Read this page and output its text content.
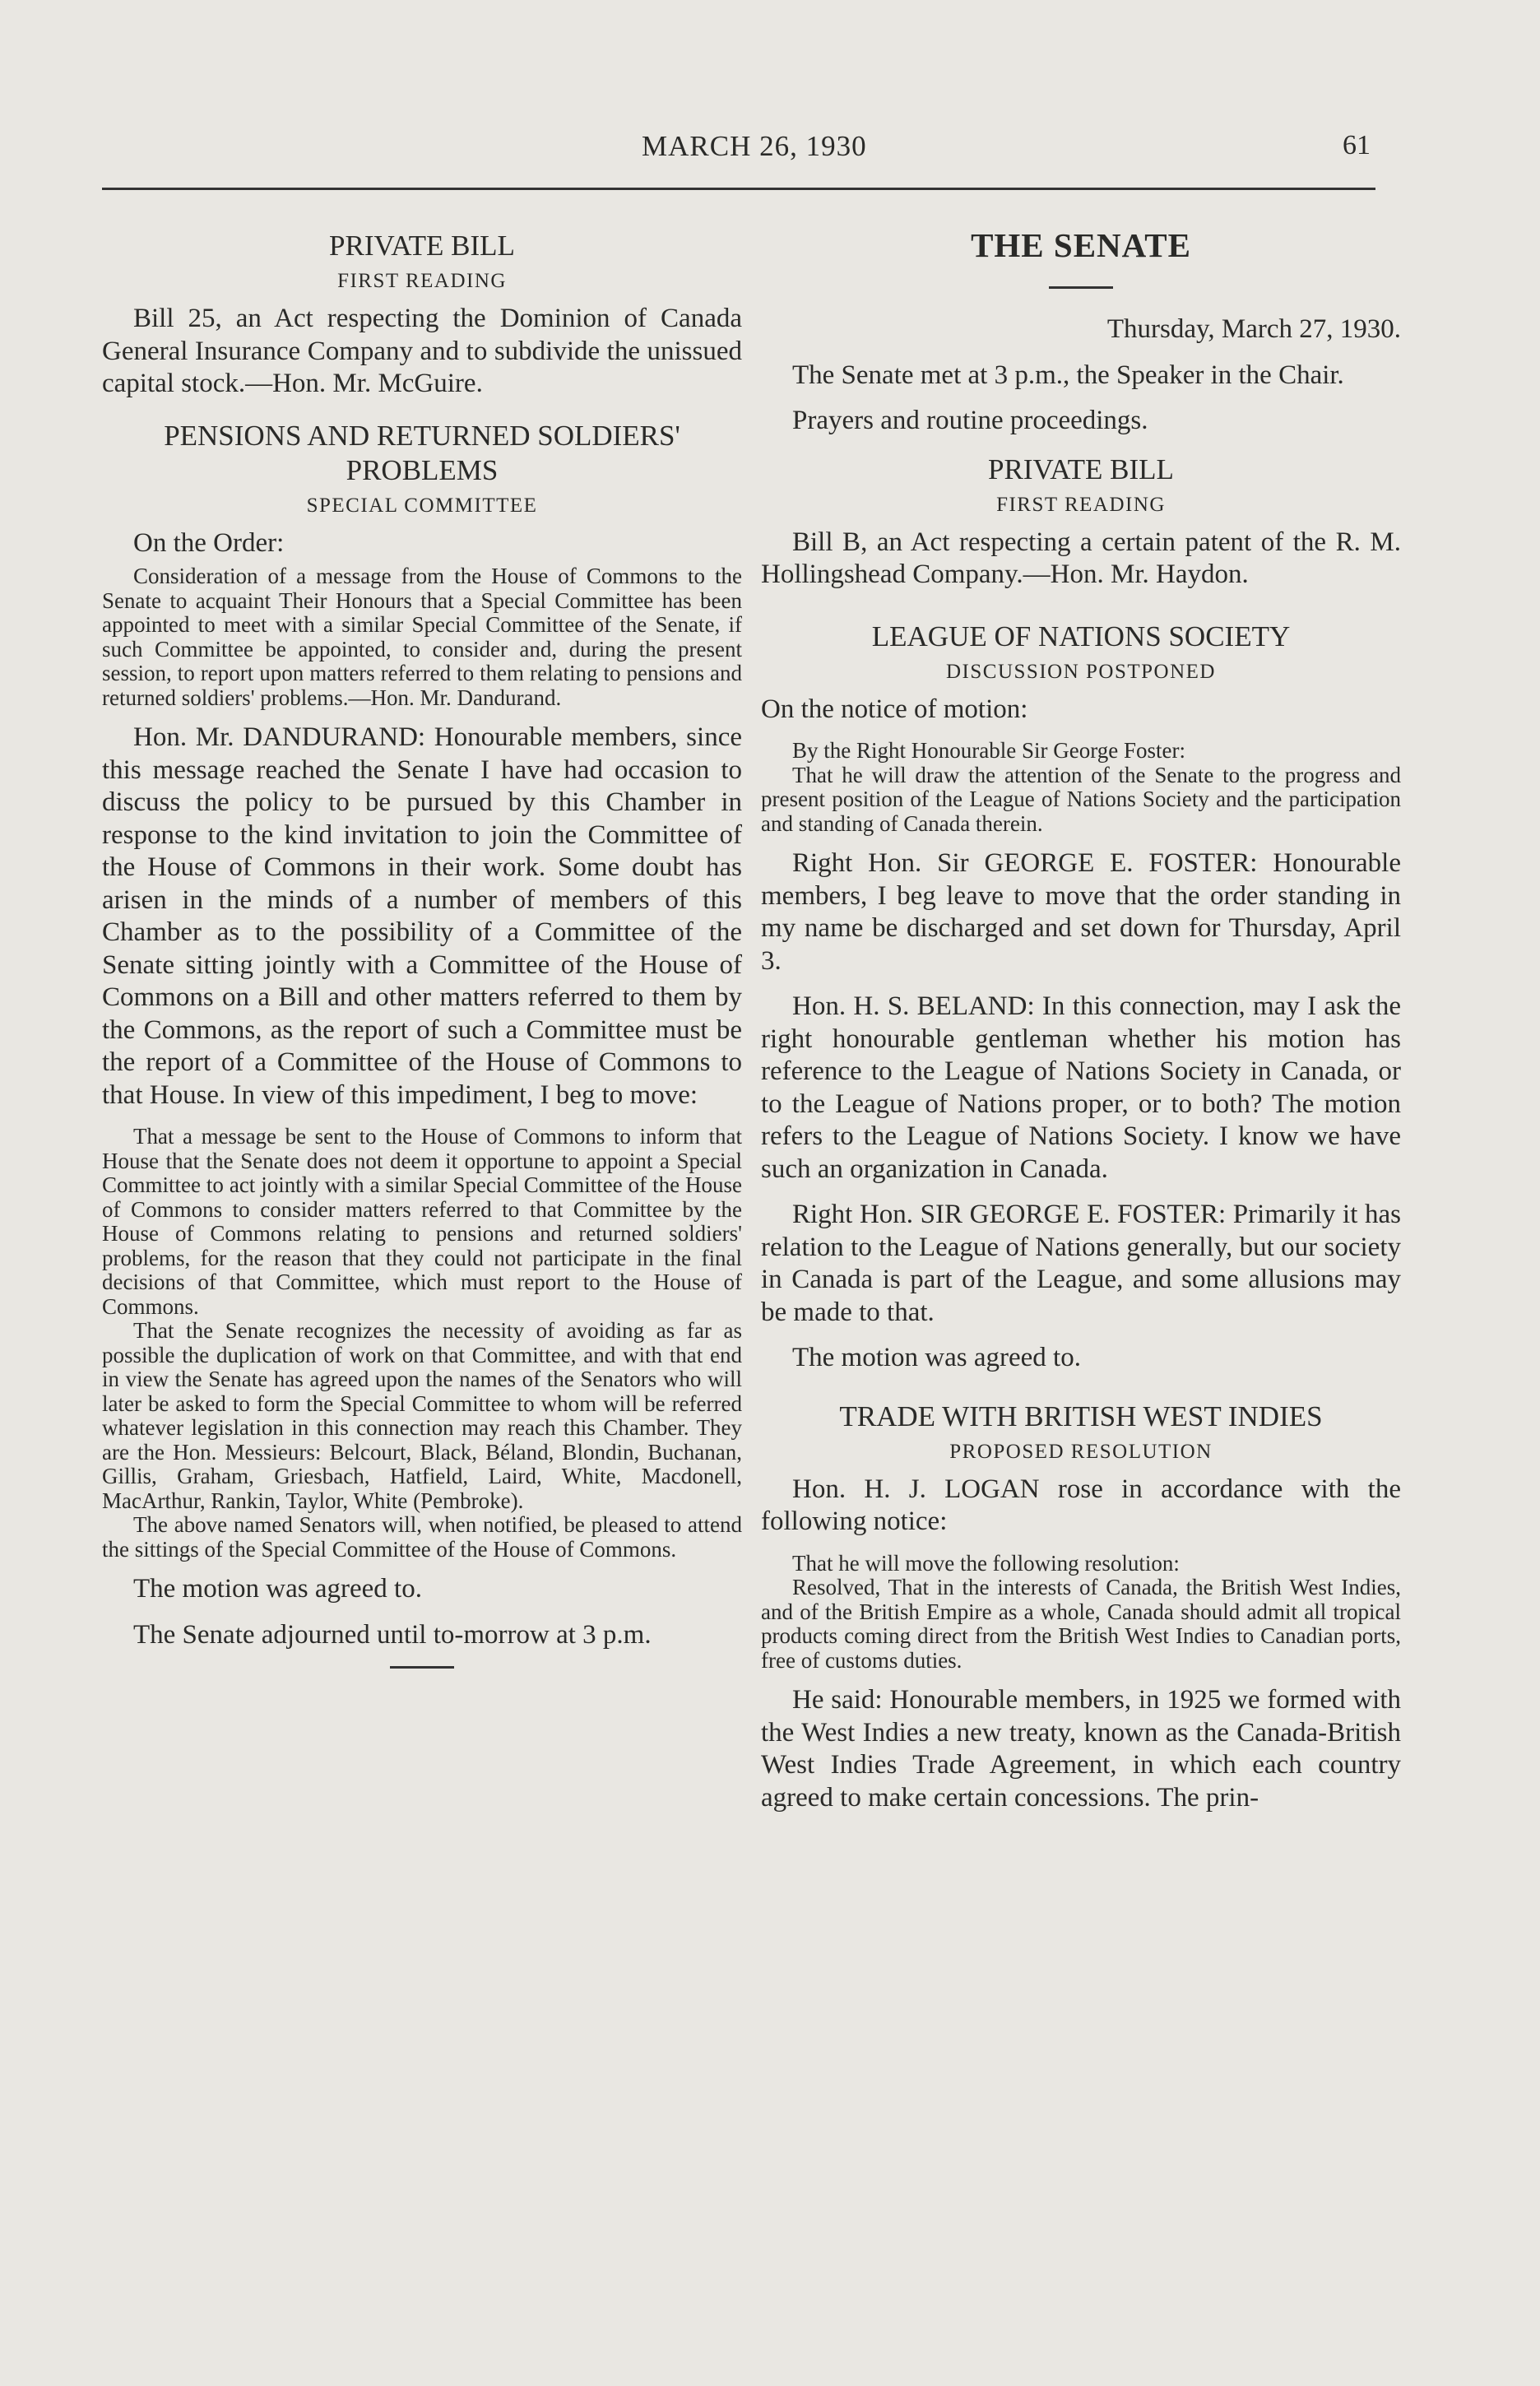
MARCH 26, 1930	61

PRIVATE BILL

FIRST READING

Bill 25, an Act respecting the Dominion of Canada General Insurance Company and to subdivide the unissued capital stock.—Hon. Mr. McGuire.

PENSIONS AND RETURNED SOLDIERS' PROBLEMS

SPECIAL COMMITTEE

On the Order:

Consideration of a message from the House of Commons to the Senate to acquaint Their Honours that a Special Committee has been appointed to meet with a similar Special Committee of the Senate, if such Committee be appointed, to consider and, during the present session, to report upon matters referred to them relating to pensions and returned soldiers' problems.—Hon. Mr. Dandurand.

Hon. Mr. DANDURAND: Honourable members, since this message reached the Senate I have had occasion to discuss the policy to be pursued by this Chamber in response to the kind invitation to join the Committee of the House of Commons in their work. Some doubt has arisen in the minds of a number of members of this Chamber as to the possibility of a Committee of the Senate sitting jointly with a Committee of the House of Commons on a Bill and other matters referred to them by the Commons, as the report of such a Committee must be the report of a Committee of the House of Commons to that House. In view of this impediment, I beg to move:

That a message be sent to the House of Commons to inform that House that the Senate does not deem it opportune to appoint a Special Committee to act jointly with a similar Special Committee of the House of Commons to consider matters referred to that Committee by the House of Commons relating to pensions and returned soldiers' problems, for the reason that they could not participate in the final decisions of that Committee, which must report to the House of Commons.

That the Senate recognizes the necessity of avoiding as far as possible the duplication of work on that Committee, and with that end in view the Senate has agreed upon the names of the Senators who will later be asked to form the Special Committee to whom will be referred whatever legislation in this connection may reach this Chamber. They are the Hon. Messieurs: Belcourt, Black, Béland, Blondin, Buchanan, Gillis, Graham, Griesbach, Hatfield, Laird, White, Macdonell, MacArthur, Rankin, Taylor, White (Pembroke).

The above named Senators will, when notified, be pleased to attend the sittings of the Special Committee of the House of Commons.

The motion was agreed to.

The Senate adjourned until to-morrow at 3 p.m.

THE SENATE

Thursday, March 27, 1930.

The Senate met at 3 p.m., the Speaker in the Chair.

Prayers and routine proceedings.

PRIVATE BILL

FIRST READING

Bill B, an Act respecting a certain patent of the R. M. Hollingshead Company.—Hon. Mr. Haydon.

LEAGUE OF NATIONS SOCIETY

DISCUSSION POSTPONED

On the notice of motion:

By the Right Honourable Sir George Foster:

That he will draw the attention of the Senate to the progress and present position of the League of Nations Society and the participation and standing of Canada therein.

Right Hon. Sir GEORGE E. FOSTER: Honourable members, I beg leave to move that the order standing in my name be discharged and set down for Thursday, April 3.

Hon. H. S. BELAND: In this connection, may I ask the right honourable gentleman whether his motion has reference to the League of Nations Society in Canada, or to the League of Nations proper, or to both? The motion refers to the League of Nations Society. I know we have such an organization in Canada.

Right Hon. SIR GEORGE E. FOSTER: Primarily it has relation to the League of Nations generally, but our society in Canada is part of the League, and some allusions may be made to that.

The motion was agreed to.

TRADE WITH BRITISH WEST INDIES

PROPOSED RESOLUTION

Hon. H. J. LOGAN rose in accordance with the following notice:

That he will move the following resolution:

Resolved, That in the interests of Canada, the British West Indies, and of the British Empire as a whole, Canada should admit all tropical products coming direct from the British West Indies to Canadian ports, free of customs duties.

He said: Honourable members, in 1925 we formed with the West Indies a new treaty, known as the Canada-British West Indies Trade Agreement, in which each country agreed to make certain concessions. The prin-
